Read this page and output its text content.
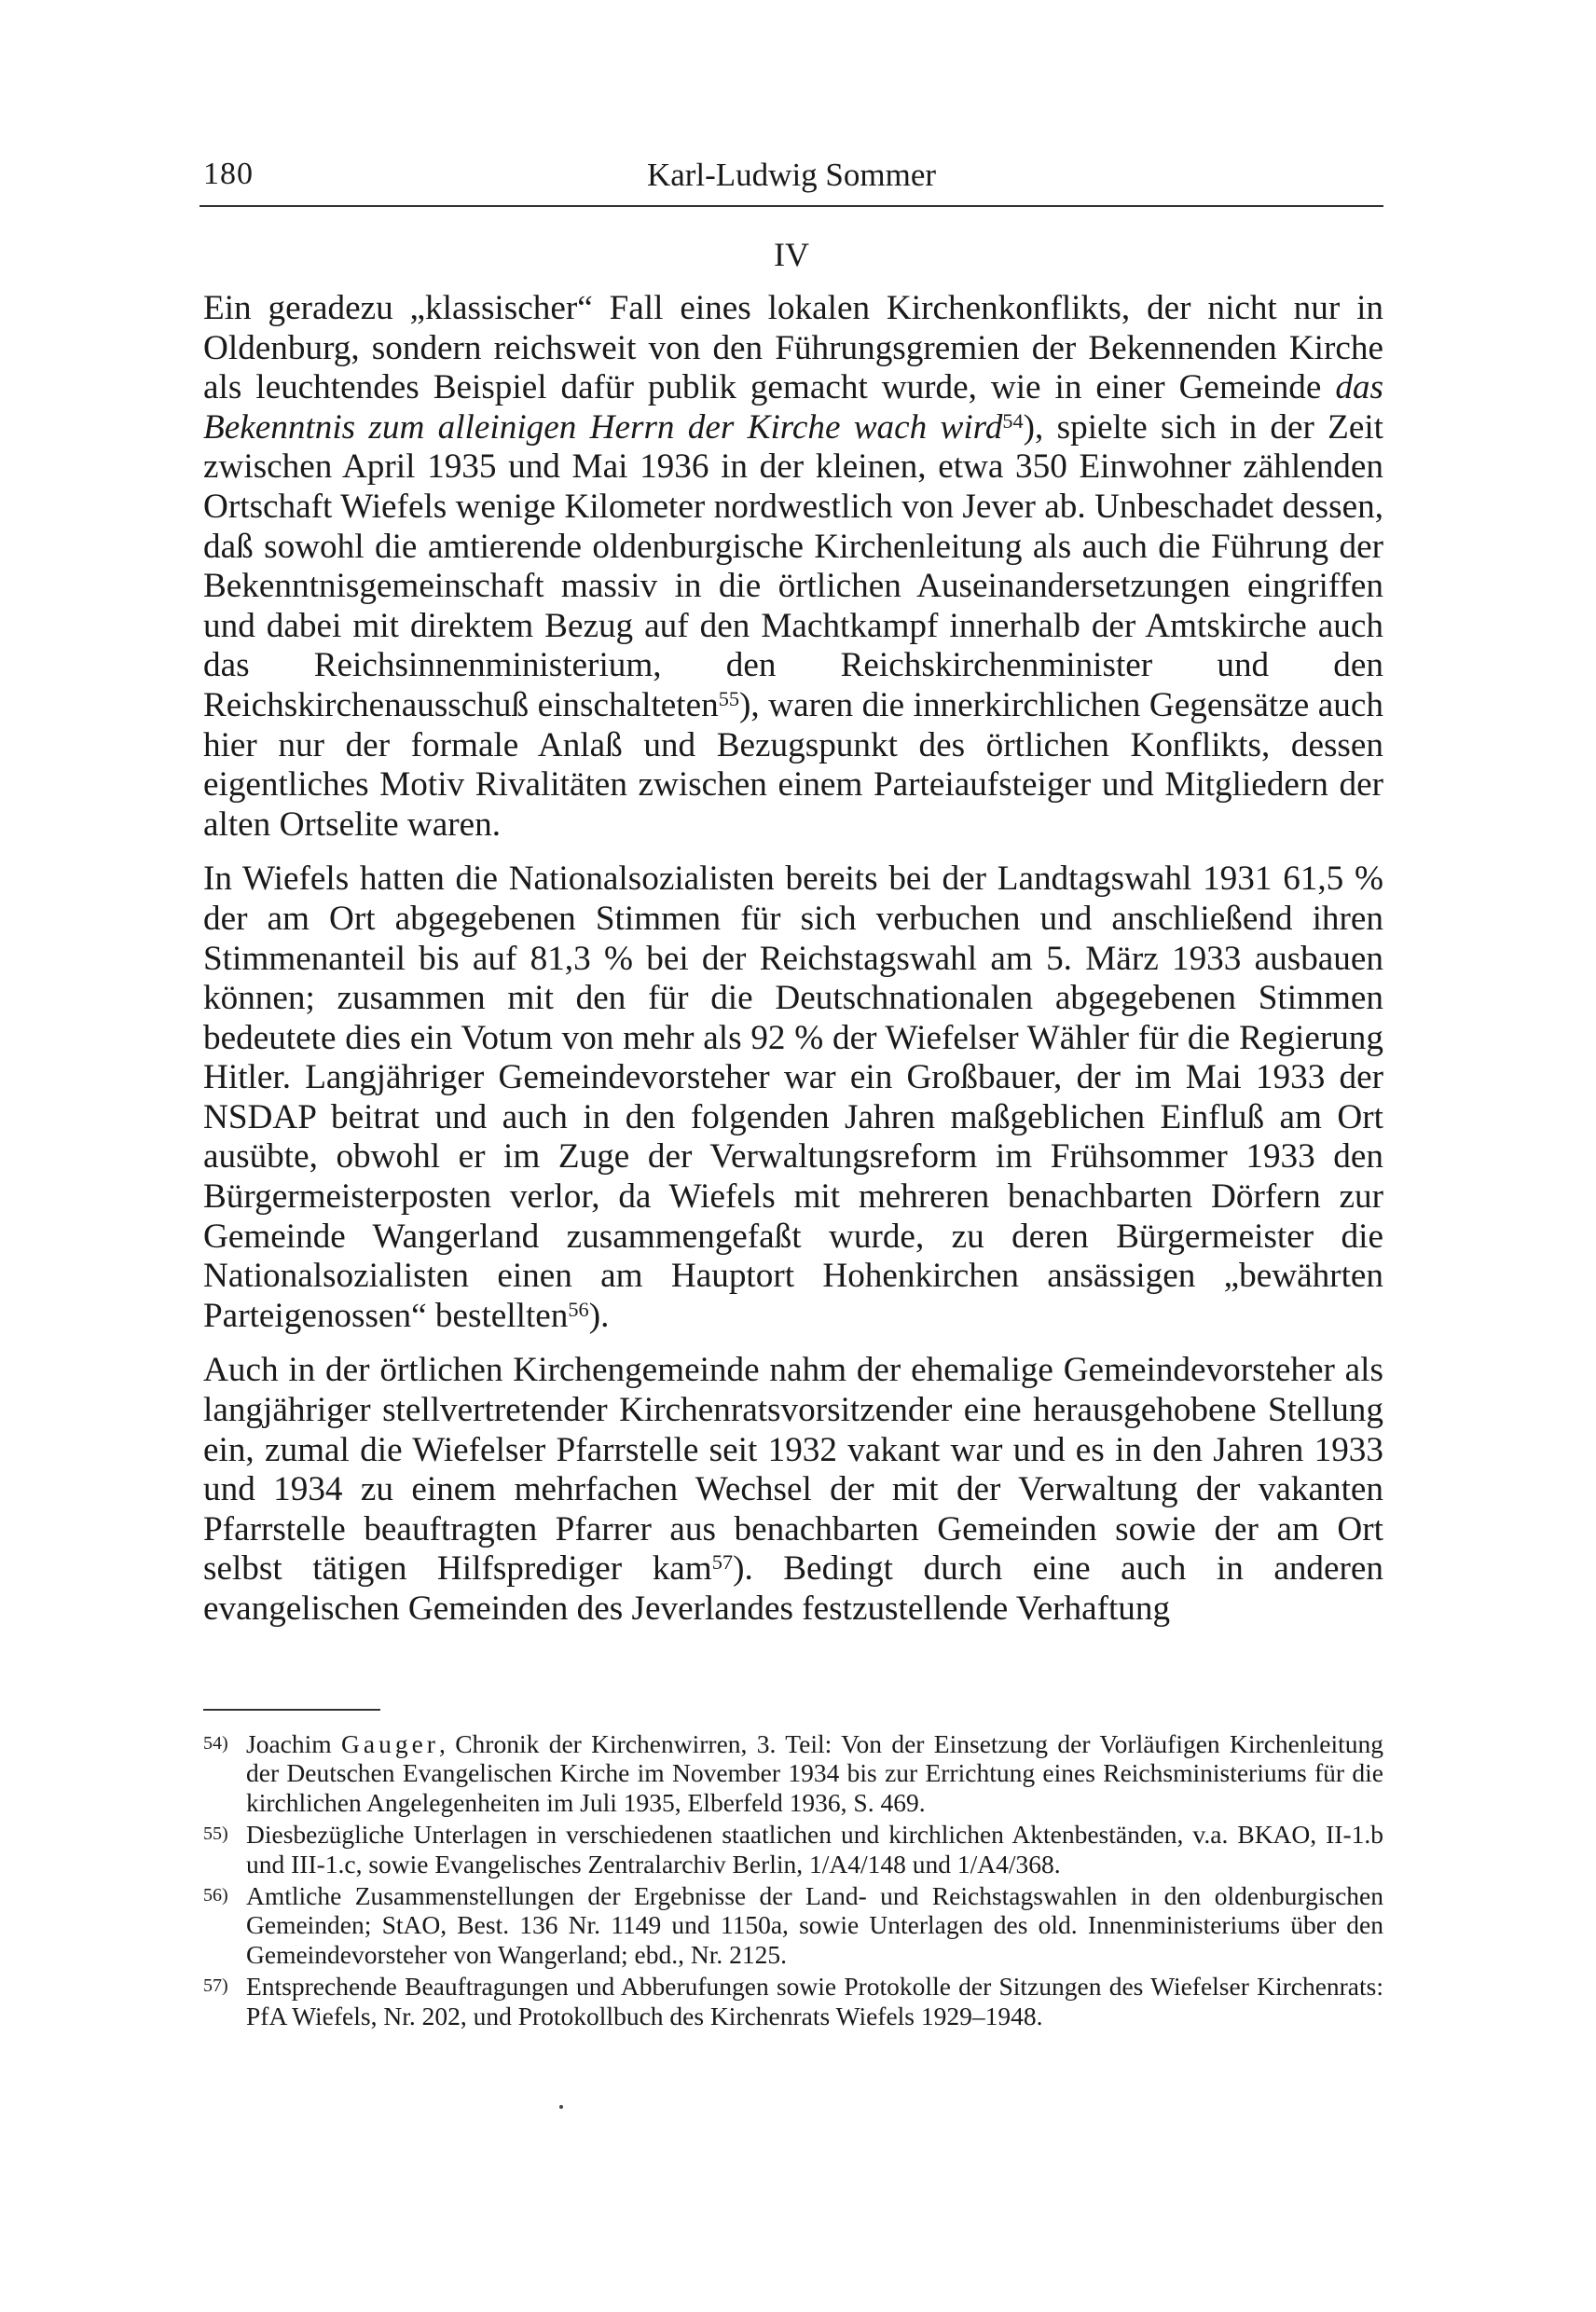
180	Karl-Ludwig Sommer
IV

Ein geradezu „klassischer“ Fall eines lokalen Kirchenkonflikts, der nicht nur in Oldenburg, sondern reichsweit von den Führungsgremien der Bekennenden Kirche als leuchtendes Beispiel dafür publik gemacht wurde, wie in einer Gemeinde das Bekenntnis zum alleinigen Herrn der Kirche wach wird$^{54}$), spielte sich in der Zeit zwischen April 1935 und Mai 1936 in der kleinen, etwa 350 Einwohner zählenden Ortschaft Wiefels wenige Kilometer nordwestlich von Jever ab. Unbeschadet dessen, daß sowohl die amtierende oldenburgische Kirchenleitung als auch die Führung der Bekenntnisgemeinschaft massiv in die örtlichen Auseinandersetzungen eingriffen und dabei mit direktem Bezug auf den Machtkampf innerhalb der Amtskirche auch das Reichsinnenministerium, den Reichskirchenminister und den Reichskirchenausschuß einschalteten$^{55}$), waren die innerkirchlichen Gegensätze auch hier nur der formale Anlaß und Bezugspunkt des örtlichen Konflikts, dessen eigentliches Motiv Rivalitäten zwischen einem Parteiaufsteiger und Mitgliedern der alten Ortselite waren.

In Wiefels hatten die Nationalsozialisten bereits bei der Landtagswahl 1931 61,5 % der am Ort abgegebenen Stimmen für sich verbuchen und anschließend ihren Stimmenanteil bis auf 81,3 % bei der Reichstagswahl am 5. März 1933 ausbauen können; zusammen mit den für die Deutschnationalen abgegebenen Stimmen bedeutete dies ein Votum von mehr als 92 % der Wiefelser Wähler für die Regierung Hitler. Langjähriger Gemeindevorsteher war ein Großbauer, der im Mai 1933 der NSDAP beitrat und auch in den folgenden Jahren maßgeblichen Einfluß am Ort ausübte, obwohl er im Zuge der Verwaltungsreform im Frühsommer 1933 den Bürgermeisterposten verlor, da Wiefels mit mehreren benachbarten Dörfern zur Gemeinde Wangerland zusammengefaßt wurde, zu deren Bürgermeister die Nationalsozialisten einen am Hauptort Hohenkirchen ansässigen „bewährten Parteigenossen“ bestellten$^{56}$).

Auch in der örtlichen Kirchengemeinde nahm der ehemalige Gemeindevorsteher als langjähriger stellvertretender Kirchenratsvorsitzender eine herausgehobene Stellung ein, zumal die Wiefelser Pfarrstelle seit 1932 vakant war und es in den Jahren 1933 und 1934 zu einem mehrfachen Wechsel der mit der Verwaltung der vakanten Pfarrstelle beauftragten Pfarrer aus benachbarten Gemeinden sowie der am Ort selbst tätigen Hilfsprediger kam$^{57}$). Bedingt durch eine auch in anderen evangelischen Gemeinden des Jeverlandes festzustellende Verhaftung

54) Joachim Gauger, Chronik der Kirchenwirren, 3. Teil: Von der Einsetzung der Vorläufigen Kirchenleitung der Deutschen Evangelischen Kirche im November 1934 bis zur Errichtung eines Reichsministeriums für die kirchlichen Angelegenheiten im Juli 1935, Elberfeld 1936, S. 469.
55) Diesbezügliche Unterlagen in verschiedenen staatlichen und kirchlichen Aktenbeständen, v.a. BKAO, II-1.b und III-1.c, sowie Evangelisches Zentralarchiv Berlin, 1/A4/148 und 1/A4/368.
56) Amtliche Zusammenstellungen der Ergebnisse der Land- und Reichstagswahlen in den oldenburgischen Gemeinden; StAO, Best. 136 Nr. 1149 und 1150a, sowie Unterlagen des old. Innenministeriums über den Gemeindevorsteher von Wangerland; ebd., Nr. 2125.
57) Entsprechende Beauftragungen und Abberufungen sowie Protokolle der Sitzungen des Wiefelser Kirchenrats: PfA Wiefels, Nr. 202, und Protokollbuch des Kirchenrats Wiefels 1929–1948.
